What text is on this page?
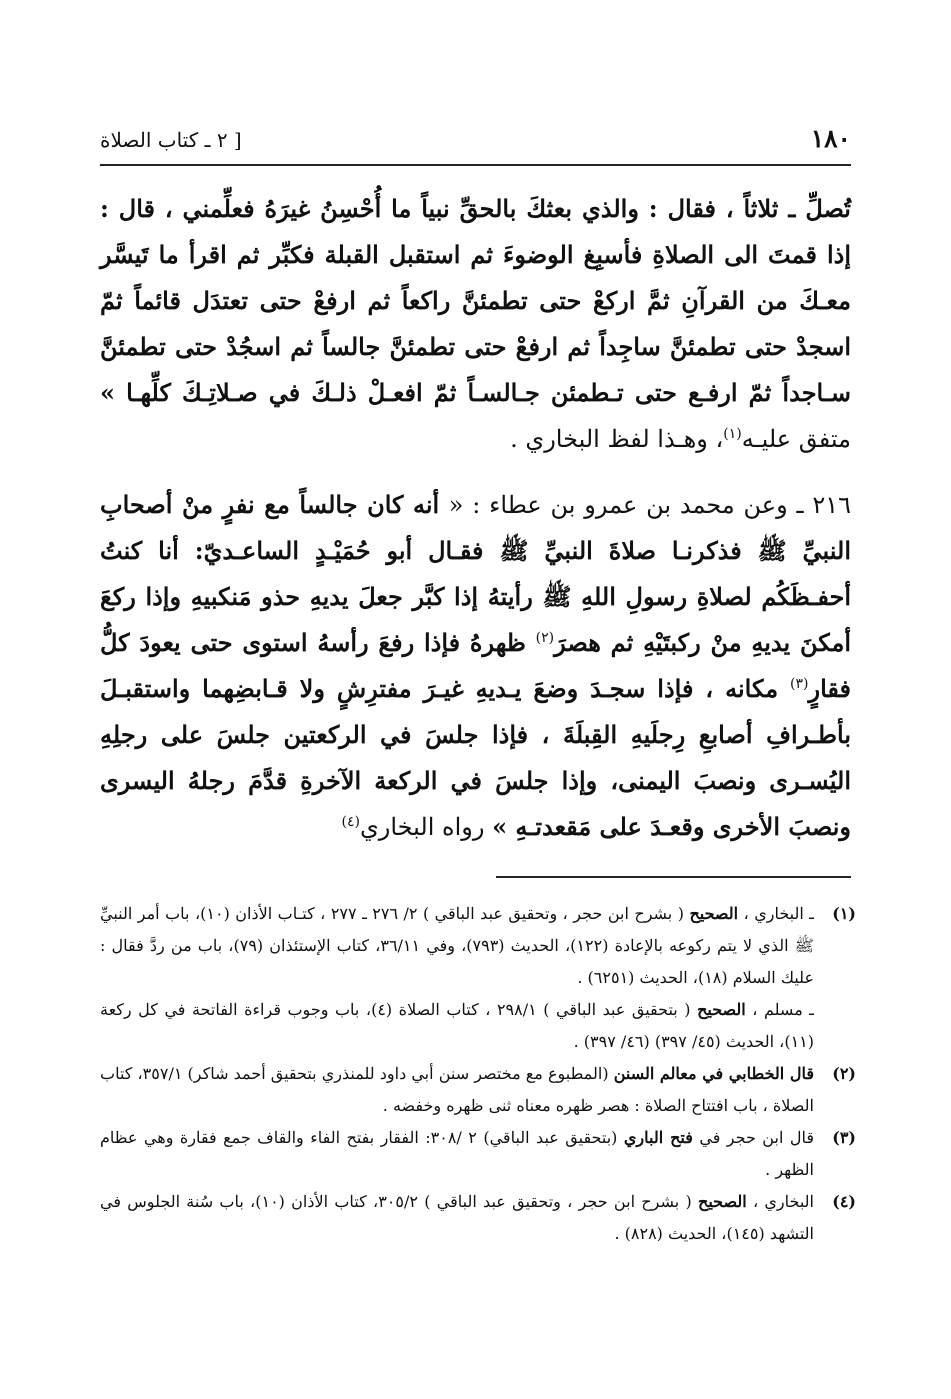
١٨٠
[ ٢ ـ كتاب الصلاة

تُصلِّ ـ ثلاثاً ، فقال : والذي بعثكَ بالحقِّ نبياً ما أُحْسِنُ غيرَهُ فعلِّمني ، قال : إذا قمتَ الى الصلاةِ فأسبِغ الوضوءَ ثم استقبل القبلة فكبِّر ثم اقرأ ما تَيسَّر معـكَ من القرآنِ ثمَّ اركعْ حتى تطمئنَّ راكعاً ثم ارفعْ حتى تعتدَل قائماً ثمّ اسجدْ حتى تطمئنَّ ساجِداً ثم ارفعْ حتى تطمئنَّ جالساً ثم اسجُدْ حتى تطمئنَّ سـاجداً ثمّ ارفـع حتى تـطمئن جـالسـاً ثمّ افعـلْ ذلـكَ في صـلاتِـكَ كلِّهـا » متفق عليـه$^{(١)}$، وهـذا لفظ البخاري .

٢١٦ ـ وعن محمد بن عمرو بن عطاء : « أنه كان جالساً مع نفرٍ منْ أصحابِ النبيِّ ﷺ فذكرنـا صلاةَ النبيِّ ﷺ فقـال أبو حُمَيْـدٍ الساعـديّ: أنا كنتُ أحفـظَكُم لصلاةِ رسولِ اللهِ ﷺ رأيتهُ إذا كبَّر جعلَ يديهِ حذو مَنكبيهِ وإذا ركعَ أمكنَ يديهِ منْ ركبتَيْهِ ثم هصرَ$^{(٢)}$ ظهرهُ فإذا رفعَ رأسهُ استوى حتى يعودَ كلُّ فقارٍ$^{(٣)}$ مكانه ، فإذا سجـدَ وضعَ يـديهِ غيـرَ مفترِشٍ ولا قـابضِهما واستقبـلَ بأطـرافِ أصابعِ رِجلَيهِ القِبلَةَ ، فإذا جلسَ في الركعتين جلسَ على رجلِهِ اليُسـرى ونصبَ اليمنى، وإذا جلسَ في الركعة الآخرةِ قدَّمَ رجلهُ اليسرى ونصبَ الأخرى وقعـدَ على مَقعدتـهِ » رواه البخاري$^{(٤)}$

(١)
ـ البخاري ، الصحيح ( بشرح ابن حجر ، وتحقيق عبد الباقي ) ٢/ ٢٧٦ ـ ٢٧٧ ، كتـاب الأذان (١٠)، باب أمر النبيِّ ﷺ الذي لا يتم ركوعه بالإعادة (١٢٢)، الحديث (٧٩٣)، وفي ٣٦/١١، كتاب الإستئذان (٧٩)، باب من ردَّ فقال : عليك السلام (١٨)، الحديث (٦٢٥١) .
ـ مسلم ، الصحيح ( بتحقيق عبد الباقي ) ٢٩٨/١ ، كتاب الصلاة (٤)، باب وجوب قراءة الفاتحة في كل ركعة (١١)، الحديث (٤٥/ ٣٩٧) (٤٦/ ٣٩٧) .
(٢)
قال الخطابي في معالم السنن (المطبوع مع مختصر سنن أبي داود للمنذري بتحقيق أحمد شاكر) ٣٥٧/١، كتاب الصلاة ، باب افتتاح الصلاة : هصر ظهره معناه ثنى ظهره وخفضه .
(٣)
قال ابن حجر في فتح الباري (بتحقيق عبد الباقي) ٢ /٣٠٨: الفقار بفتح الفاء والقاف جمع فقارة وهي عظام الظهر .
(٤)
البخاري ، الصحيح ( بشرح ابن حجر ، وتحقيق عبد الباقي ) ٣٠٥/٢، كتاب الأذان (١٠)، باب سُنة الجلوس في التشهد (١٤٥)، الحديث (٨٢٨) .
